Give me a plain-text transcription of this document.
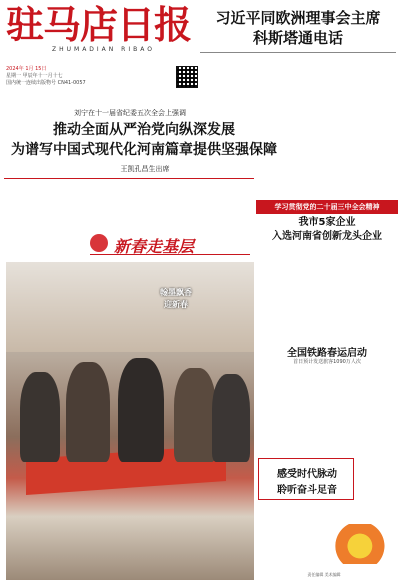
驻马店日报
ZHUMADIAN RIBAO
2024年 1月 15日
星期一 甲辰年十一月十七
国内统一连续出版物号 CN41-0057
习近平同欧洲理事会主席
科斯塔通电话
刘宁在十一届省纪委五次全会上强调
推动全面从严治党向纵深发展
为谱写中国式现代化河南篇章提供坚强保障
王凯孔昌生出席
学习贯彻党的二十届三中全会精神
我市5家企业
入选河南省创新龙头企业
新春走基层
翰墨飘香
迎新春
全国铁路春运启动
首日预计发送旅客1090万人次
感受时代脉动
聆听奋斗足音
责任编辑 美术编辑
